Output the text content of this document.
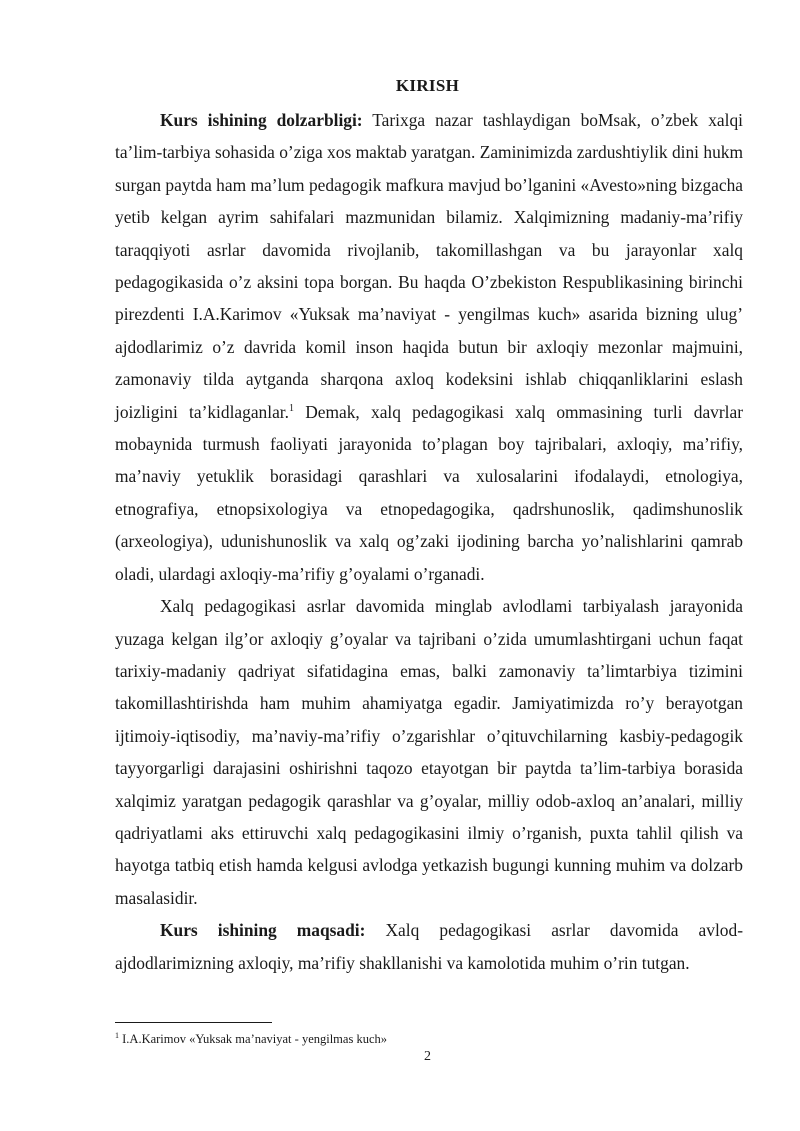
KIRISH

Kurs ishining dolzarbligi: Tarixga nazar tashlaydigan boMsak, o’zbek xalqi ta’lim-tarbiya sohasida o’ziga xos maktab yaratgan. Zaminimizda zardushtiylik dini hukm surgan paytda ham ma’lum pedagogik mafkura mavjud bo’lganini «Avesto»ning bizgacha yetib kelgan ayrim sahifalari mazmunidan bilamiz. Xalqimizning madaniy-ma’rifiy taraqqiyoti asrlar davomida rivojlanib, takomillashgan va bu jarayonlar xalq pedagogikasida o’z aksini topa borgan. Bu haqda O’zbekiston Respublikasining birinchi pirezdenti I.A.Karimov «Yuksak ma’naviyat - yengilmas kuch» asarida bizning ulug’ ajdodlarimiz o’z davrida komil inson haqida butun bir axloqiy mezonlar majmuini, zamonaviy tilda aytganda sharqona axloq kodeksini ishlab chiqqanliklarini eslash joizligini ta’kidlaganlar.$^1$ Demak, xalq pedagogikasi xalq ommasining turli davrlar mobaynida turmush faoliyati jarayonida to’plagan boy tajribalari, axloqiy, ma’rifiy, ma’naviy yetuklik borasidagi qarashlari va xulosalarini ifodalaydi, etnologiya, etnografiya, etnopsixologiya va etnopedagogika, qadrshunoslik, qadimshunoslik (arxeologiya), udunishunoslik va xalq og’zaki ijodining barcha yo’nalishlarini qamrab oladi, ulardagi axloqiy-ma’rifiy g’oyalami o’rganadi.

Xalq pedagogikasi asrlar davomida minglab avlodlami tarbiyalash jarayonida yuzaga kelgan ilg’or axloqiy g’oyalar va tajribani o’zida umumlashtirgani uchun faqat tarixiy-madaniy qadriyat sifatidagina emas, balki zamonaviy ta’limtarbiya tizimini takomillashtirishda ham muhim ahamiyatga egadir. Jamiyatimizda ro’y berayotgan ijtimoiy-iqtisodiy, ma’naviy-ma’rifiy o’zgarishlar o’qituvchilarning kasbiy-pedagogik tayyorgarligi darajasini oshirishni taqozo etayotgan bir paytda ta’lim-tarbiya borasida xalqimiz yaratgan pedagogik qarashlar va g’oyalar, milliy odob-axloq an’analari, milliy qadriyatlami aks ettiruvchi xalq pedagogikasini ilmiy o’rganish, puxta tahlil qilish va hayotga tatbiq etish hamda kelgusi avlodga yetkazish bugungi kunning muhim va dolzarb masalasidir.

Kurs ishining maqsadi: Xalq pedagogikasi asrlar davomida avlod-ajdodlarimizning axloqiy, ma’rifiy shakllanishi va kamolotida muhim o’rin tutgan.

$^1$ I.A.Karimov «Yuksak ma’naviyat - yengilmas kuch»
2
